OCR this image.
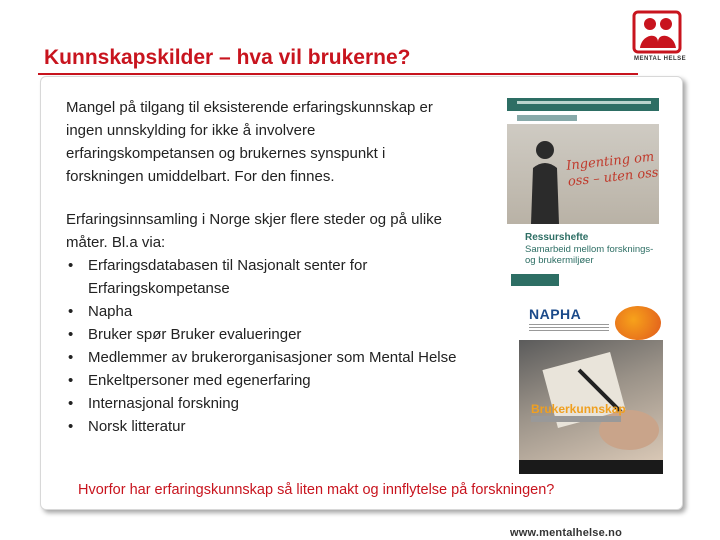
MENTAL HELSE
Kunnskapskilder – hva vil brukerne?

Mangel på tilgang til eksisterende erfaringskunnskap er ingen unnskylding for ikke å involvere erfaringskompetansen og brukernes synspunkt i forskningen umiddelbart. For den finnes.

Erfaringsinnsamling i Norge skjer flere steder og på ulike måter. Bl.a via:

• Erfaringsdatabasen til Nasjonalt senter for Erfaringskompetanse
• Napha
• Bruker spør Bruker evalueringer
• Medlemmer av brukerorganisasjoner som Mental Helse
• Enkeltpersoner med egenerfaring
• Internasjonal forskning
• Norsk litteratur
Ingenting om oss – uten oss
Ressurshefte
Samarbeid mellom forsknings- og brukermiljøer
NAPHA
Brukerkunnskap
Hvorfor har erfaringskunnskap så liten makt og innflytelse på forskningen?
www.mentalhelse.no
